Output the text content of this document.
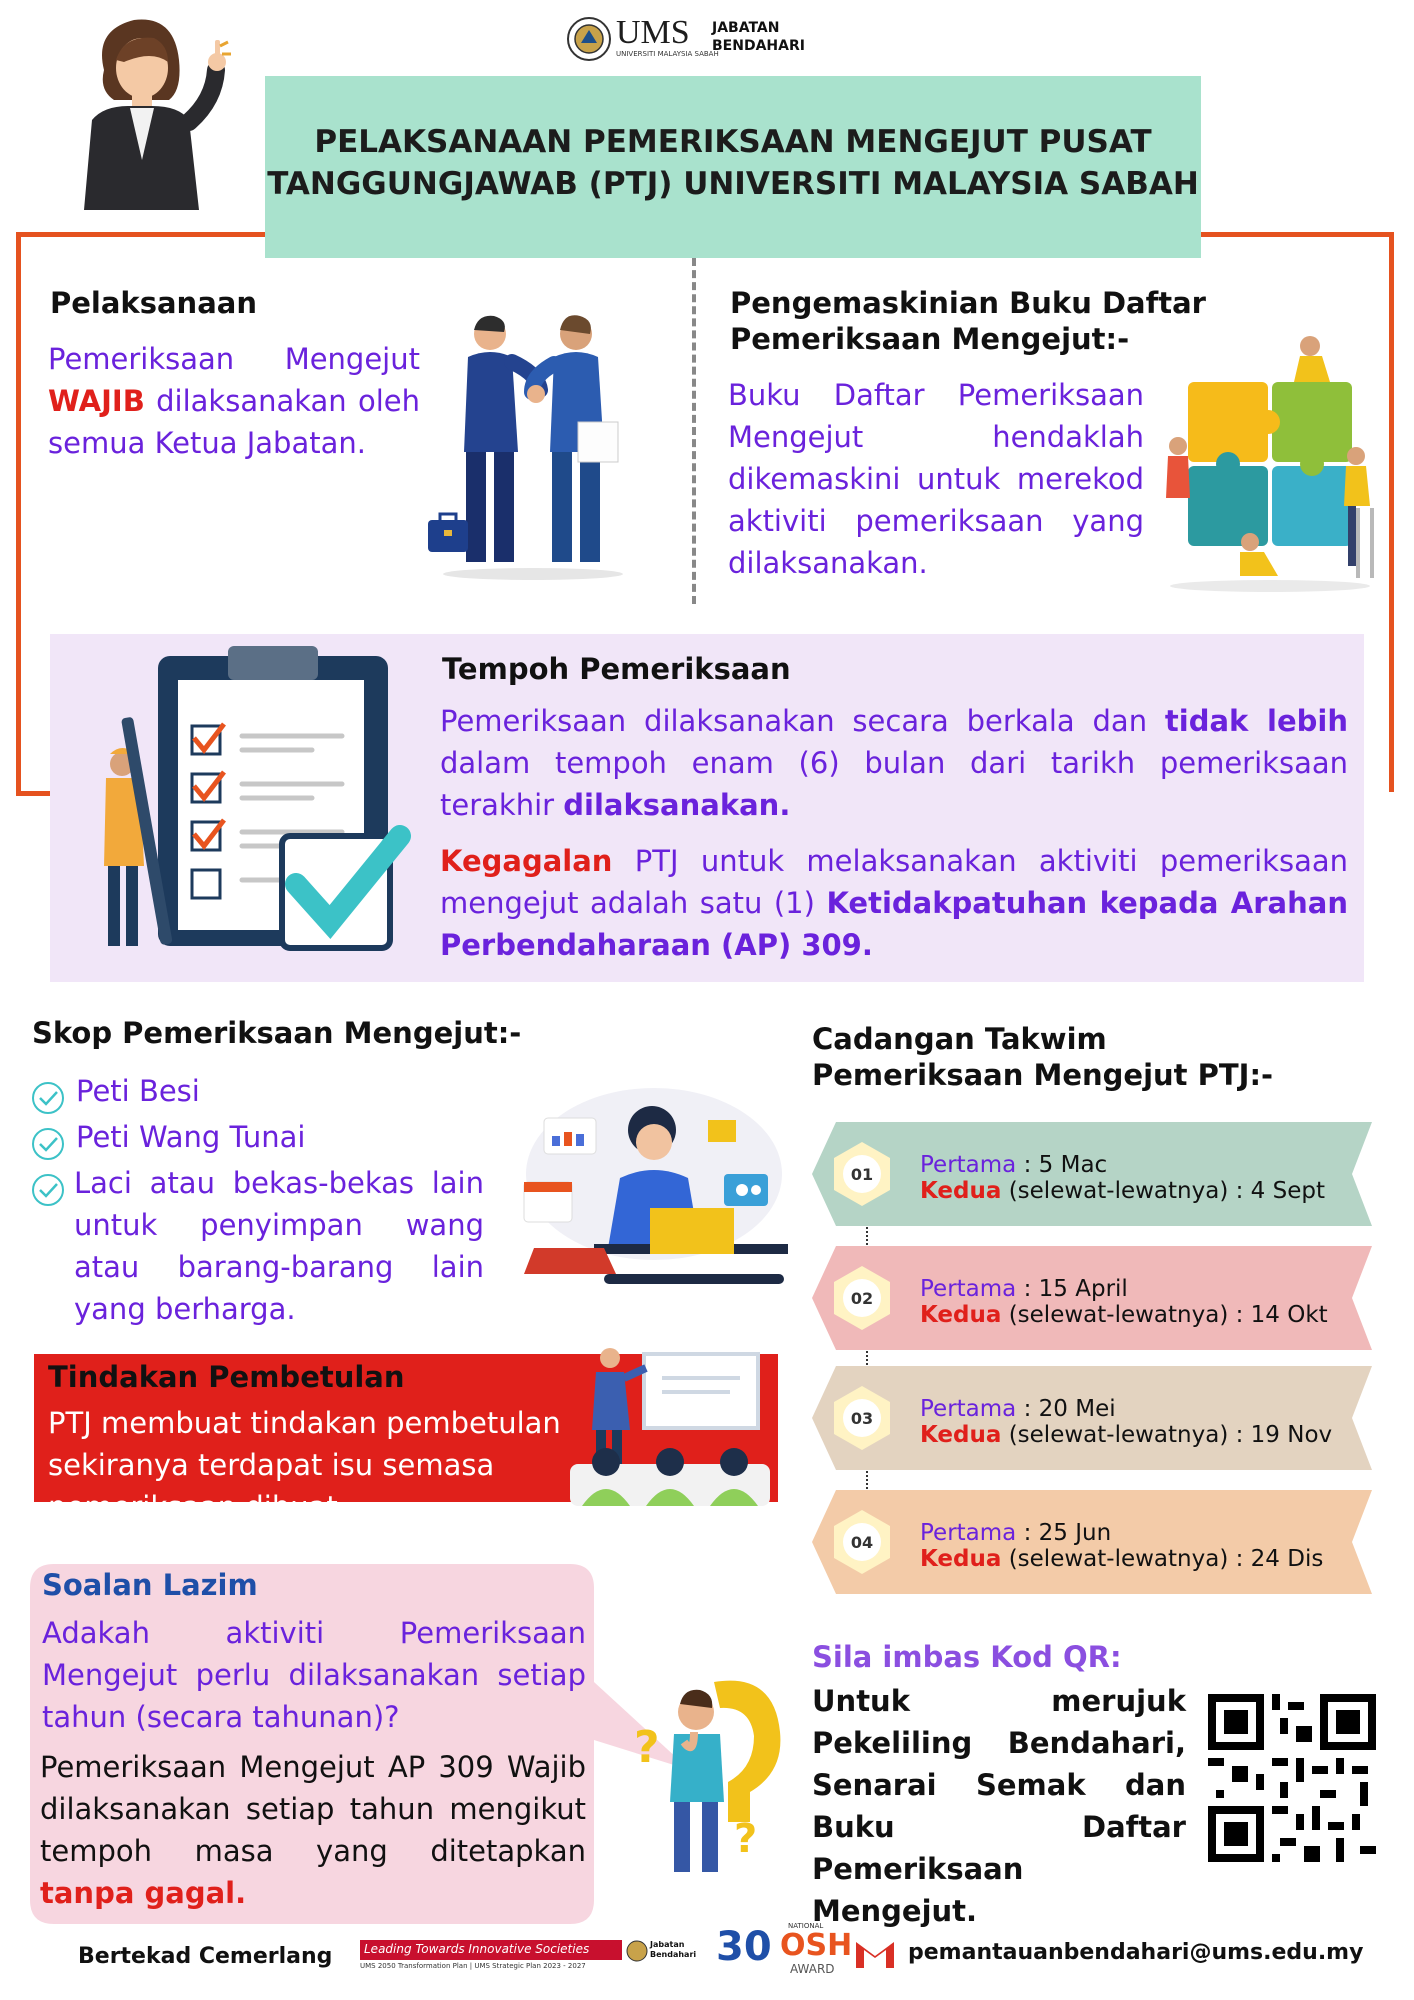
UMS
UNIVERSITI MALAYSIA SABAH
JABATAN
BENDAHARI
PELAKSANAAN PEMERIKSAAN MENGEJUT PUSAT
TANGGUNGJAWAB (PTJ) UNIVERSITI MALAYSIA SABAH
Pelaksanaan
Pemeriksaan Mengejut WAJIB dilaksanakan oleh semua Ketua Jabatan.
Pengemaskinian Buku Daftar
Pemeriksaan Mengejut:-
Buku Daftar Pemeriksaan Mengejut hendaklah dikemaskini untuk merekod aktiviti pemeriksaan yang dilaksanakan.
Tempoh Pemeriksaan
Pemeriksaan dilaksanakan secara berkala dan tidak lebih dalam tempoh enam (6) bulan dari tarikh pemeriksaan terakhir dilaksanakan.
Kegagalan PTJ untuk melaksanakan aktiviti pemeriksaan mengejut adalah satu (1) Ketidakpatuhan kepada Arahan Perbendaharaan (AP) 309.
Skop Pemeriksaan Mengejut:-
Peti Besi
Peti Wang Tunai
Laci atau bekas-bekas lain untuk penyimpan wang atau barang-barang lain yang berharga.
Tindakan Pembetulan
PTJ membuat tindakan pembetulan sekiranya terdapat isu semasa pemeriksaan dibuat.
Soalan Lazim
Adakah aktiviti Pemeriksaan Mengejut perlu dilaksanakan setiap tahun (secara tahunan)?
Pemeriksaan Mengejut AP 309 Wajib dilaksanakan setiap tahun mengikut tempoh masa yang ditetapkan tanpa gagal.
?
?
Cadangan Takwim
Pemeriksaan Mengejut PTJ:-
01 Pertama : 5 Mac
Kedua (selewat-lewatnya) : 4 Sept
02 Pertama : 15 April
Kedua (selewat-lewatnya) : 14 Okt
03 Pertama : 20 Mei
Kedua (selewat-lewatnya) : 19 Nov
04 Pertama : 25 Jun
Kedua (selewat-lewatnya) : 24 Dis
Sila imbas Kod QR:
Untuk merujuk Pekeliling Bendahari, Senarai Semak dan Buku Daftar Pemeriksaan Mengejut.
Bertekad Cemerlang	Leading Towards Innovative Societies
UMS 2050 Transformation Plan | UMS Strategic Plan 2023 - 2027
Jabatan
Bendahari 30 NATIONAL
OSH
AWARD
pemantauanbendahari@ums.edu.my
